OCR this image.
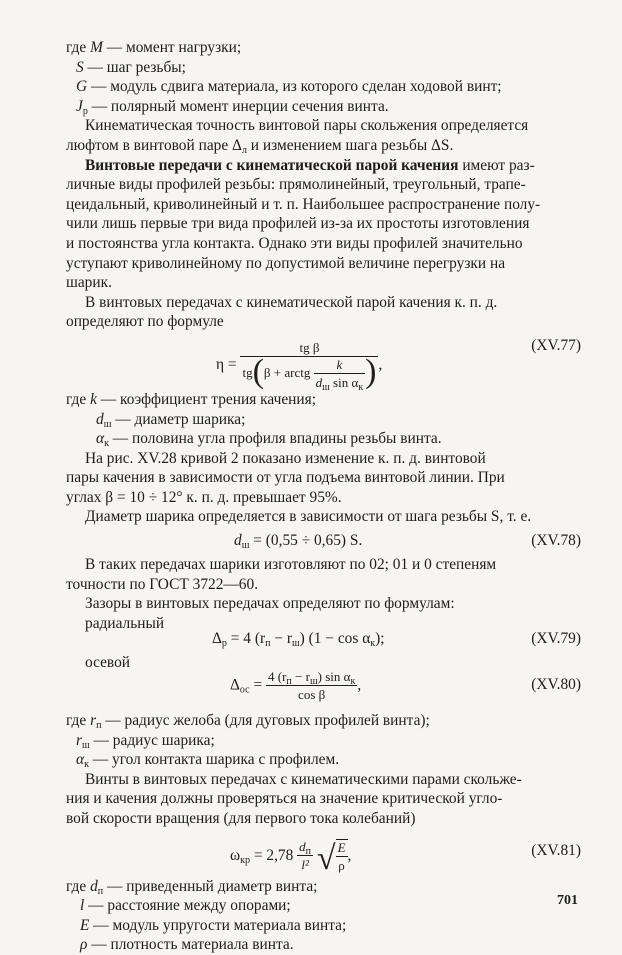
где M — момент нагрузки;
S — шаг резьбы;
G — модуль сдвига материала, из которого сделан ходовой винт;
$J_р$ — полярный момент инерции сечения винта.
Кинематическая точность винтовой пары скольжения определяется
люфтом в винтовой паре $\Delta_л$ и изменением шага резьбы ΔS.
Винтовые передачи с кинематической парой качения имеют раз-
личные виды профилей резьбы: прямолинейный, треугольный, трапе-
цеидальный, криволинейный и т. п. Наибольшее распространение полу-
чили лишь первые три вида профилей из-за их простоты изготовления
и постоянства угла контакта. Однако эти виды профилей значительно
уступают криволинейному по допустимой величине перегрузки на
шарик.
В винтовых передачах с кинематической парой качения к. п. д.
определяют по формуле
$\eta = \frac{\text{tg β}}{tg(\beta + arctg \frac{k}{d_ш \sin \alpha_к} )}$ ,
(XV.77)
где k — коэффициент трения качения;
$d_ш$ — диаметр шарика;
$\alpha_к$ — половина угла профиля впадины резьбы винта.
На рис. XV.28 кривой 2 показано изменение к. п. д. винтовой
пары качения в зависимости от угла подъема винтовой линии. При
углах β = 10 ÷ 12° к. п. д. превышает 95%.
Диаметр шарика определяется в зависимости от шага резьбы S, т. е.
$d_ш = (0,55 \div 0,65)$ S.	(XV.78)
В таких передачах шарики изготовляют по 02; 01 и 0 степеням
точности по ГОСТ 3722—60.
Зазоры в винтовых передачах определяют по формулам:
радиальный
$\Delta_р = 4$ $(r_п - r_ш) (1 - \cos \alpha_к)$;	(XV.79)
осевой
$\Delta_{ос} = \frac{4 (r_п - r_ш) \sin \alpha_к}{\text{cos β}}$ ,	(XV.80)
где $r_п$ — радиус желоба (для дуговых профилей винта);
$r_ш$ — радиус шарика;
$\alpha_к$ — угол контакта шарика с профилем.
Винты в винтовых передачах с кинематическими парами скольже-
ния и качения должны проверяться на значение критической угло-
вой скорости вращения (для первого тока колебаний)
$\omega_{кр} = 2,78 \frac{d_п}{\text{l²}}$ √ $\frac{E}{\rho}$ ,	(XV.81)
где $d_п$ — приведенный диаметр винта;
l — расстояние между опорами;
E — модуль упругости материала винта;
ρ — плотность материала винта.
701
